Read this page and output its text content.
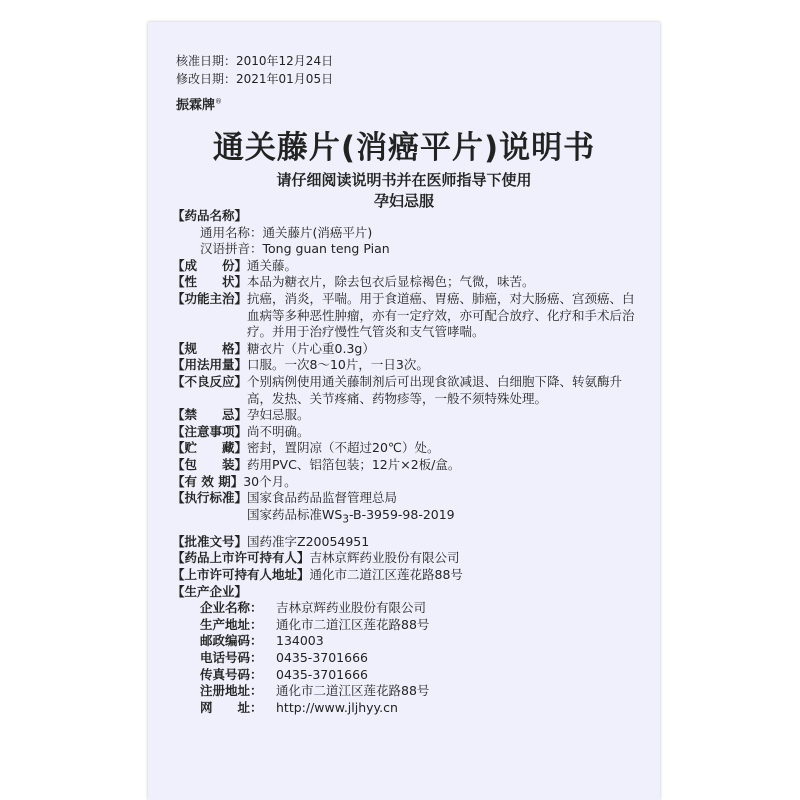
核准日期：2010年12月24日
修改日期：2021年01月05日
振霖牌®
通关藤片(消癌平片)说明书
请仔细阅读说明书并在医师指导下使用
孕妇忌服
【药品名称】
通用名称： 通关藤片(消癌平片)
汉语拼音： Tong guan teng Pian
【成　　份】 通关藤。
【性　　状】 本品为糖衣片，除去包衣后显棕褐色；气微，味苦。
【功能主治】 抗癌，消炎，平喘。用于食道癌、胃癌、肺癌，对大肠癌、宫颈癌、白血病等多种恶性肿瘤，亦有一定疗效，亦可配合放疗、化疗和手术后治疗。并用于治疗慢性气管炎和支气管哮喘。
【规　　格】 糖衣片（片心重0.3g）
【用法用量】 口服。一次8～10片，一日3次。
【不良反应】 个别病例使用通关藤制剂后可出现食欲减退、白细胞下降、转氨酶升高，发热、关节疼痛、药物疹等，一般不须特殊处理。
【禁　　忌】 孕妇忌服。
【注意事项】 尚不明确。
【贮　　藏】 密封，置阴凉（不超过20℃）处。
【包　　装】 药用PVC、铝箔包装；12片×2板/盒。
【有 效 期】 30个月。
【执行标准】 国家食品药品监督管理总局
国家药品标准$WS_3-B-3959-98-2019$
【批准文号】 国药准字Z20054951
【药品上市许可持有人】 吉林京辉药业股份有限公司
【上市许可持有人地址】 通化市二道江区莲花路88号
【生产企业】
企业名称：	吉林京辉药业股份有限公司
生产地址：	通化市二道江区莲花路88号
邮政编码：	134003
电话号码：	0435-3701666
传真号码：	0435-3701666
注册地址：	通化市二道江区莲花路88号
网　　址：	http://www.jljhyy.cn
